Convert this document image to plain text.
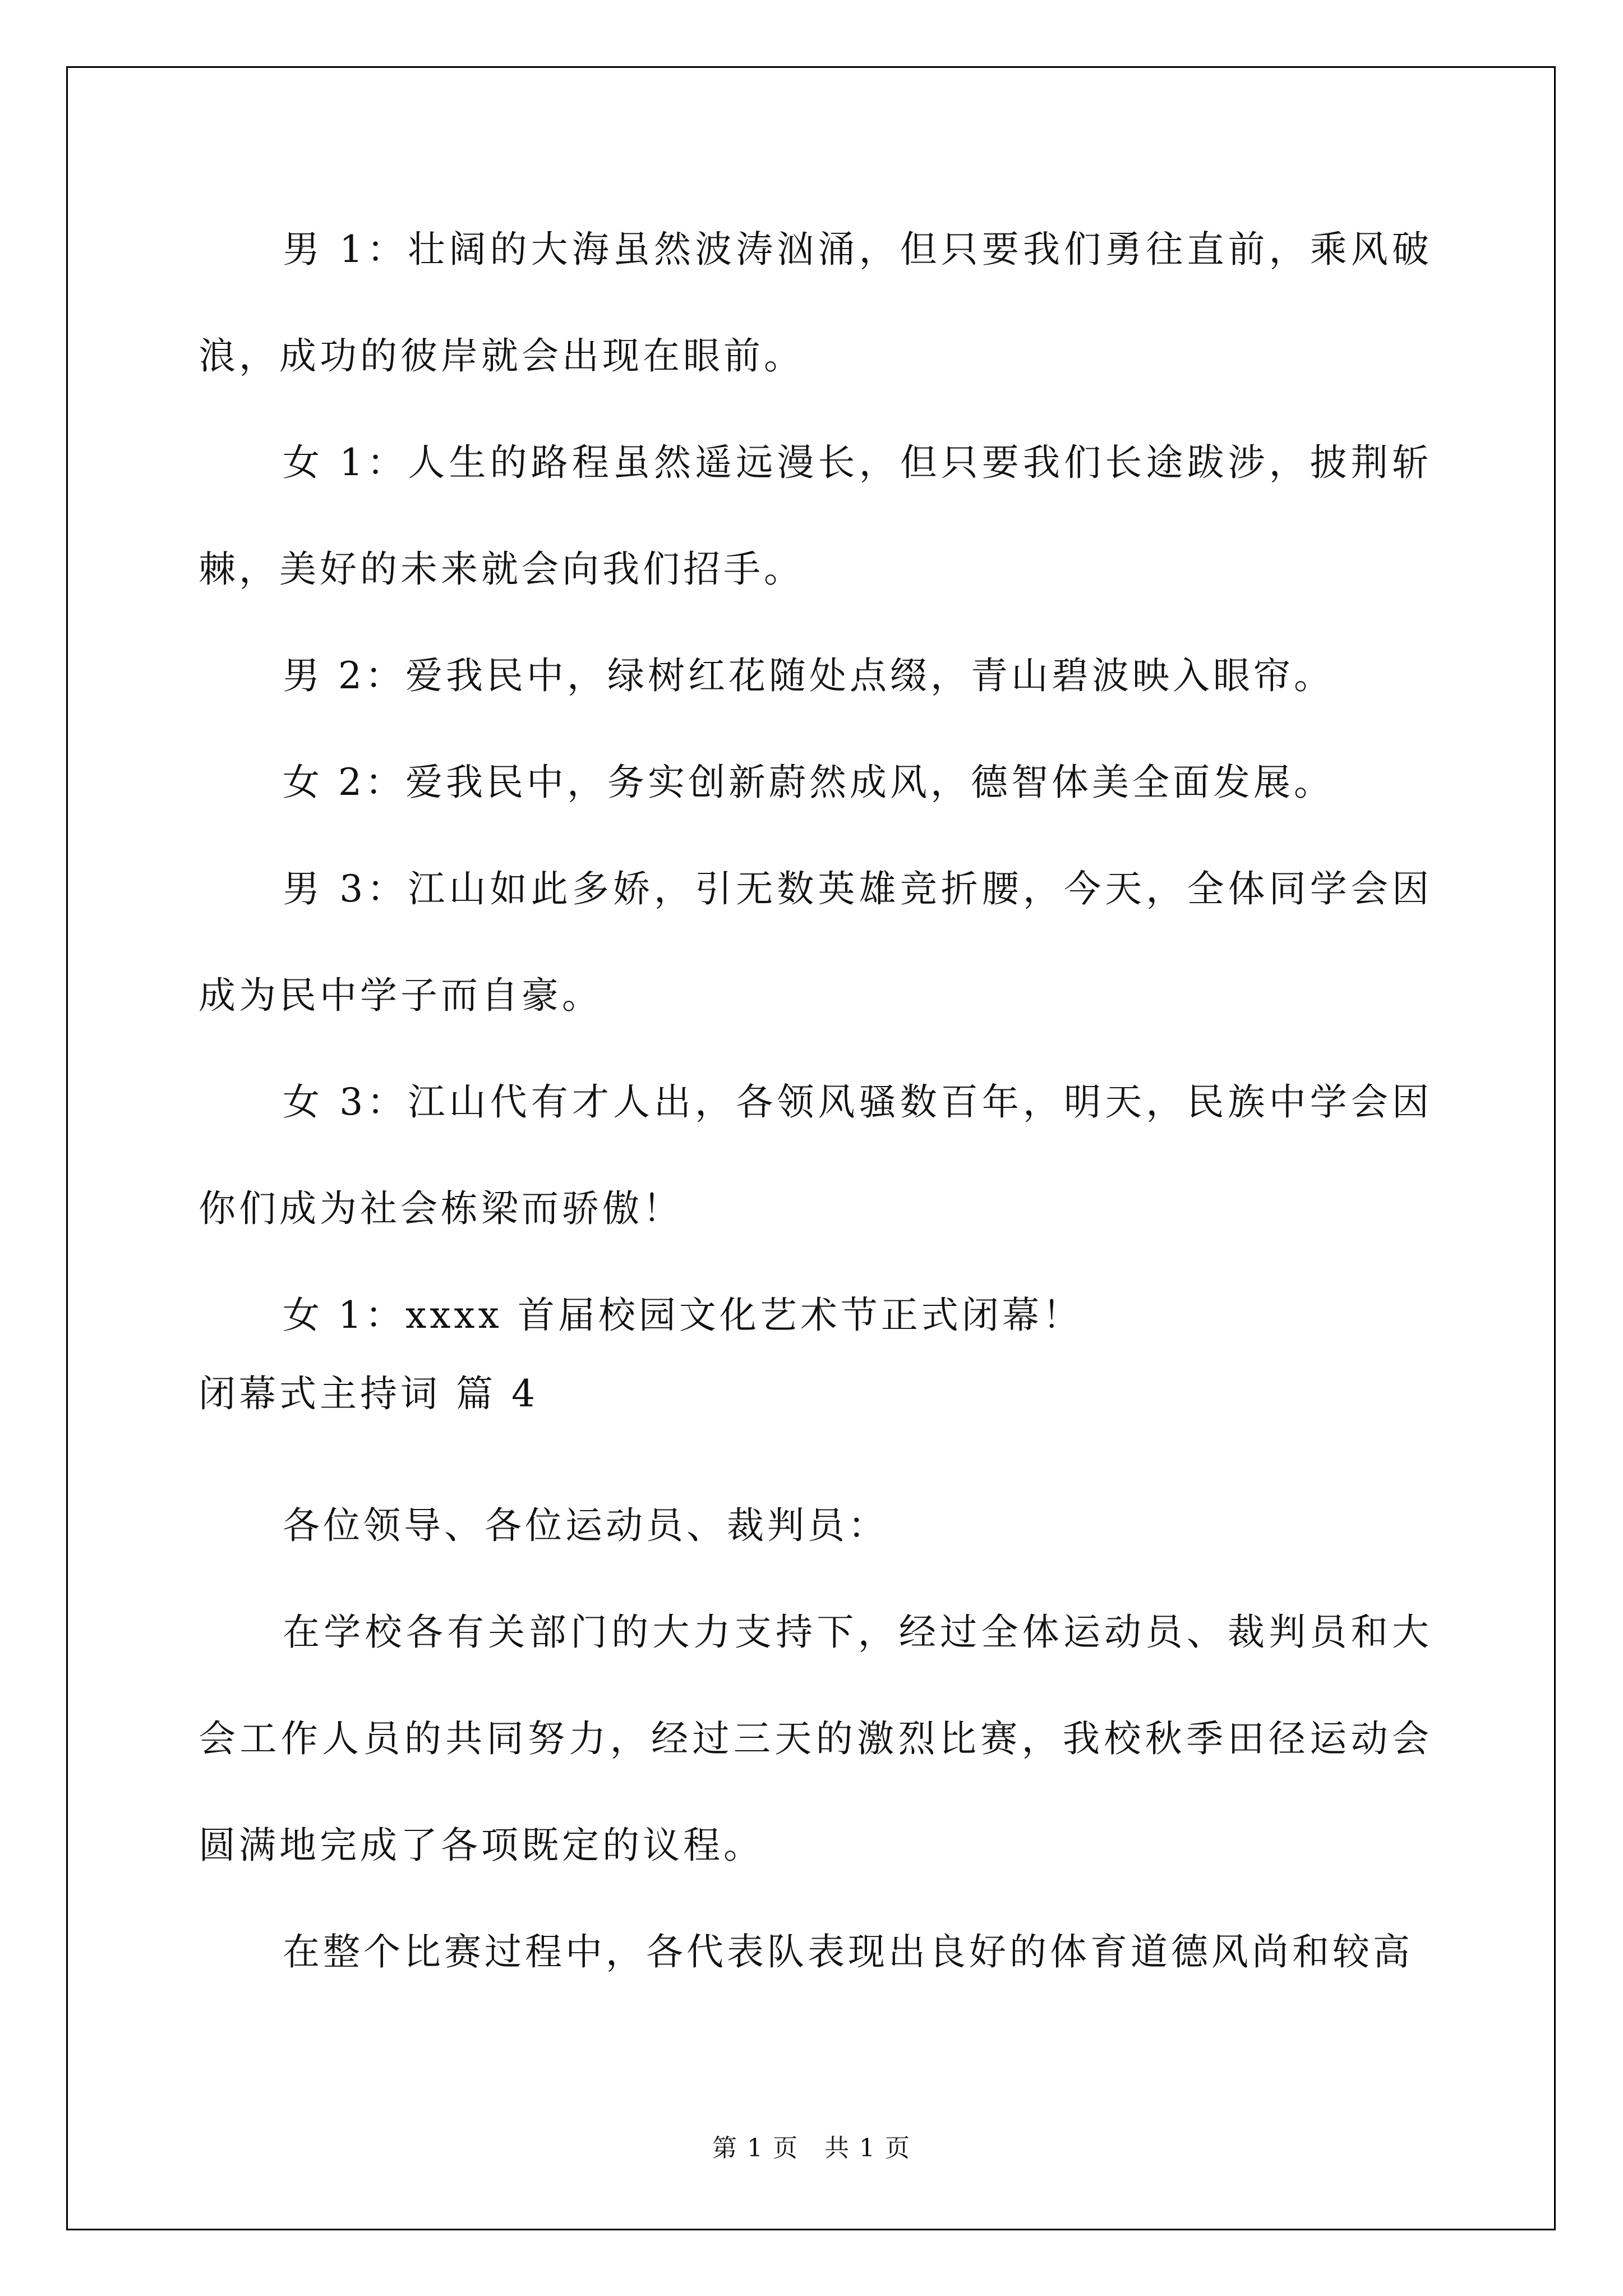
男 1：壮阔的大海虽然波涛汹涌，但只要我们勇往直前，乘风破浪，成功的彼岸就会出现在眼前。

女 1：人生的路程虽然遥远漫长，但只要我们长途跋涉，披荆斩棘，美好的未来就会向我们招手。

男 2：爱我民中，绿树红花随处点缀，青山碧波映入眼帘。

女 2：爱我民中，务实创新蔚然成风，德智体美全面发展。

男 3：江山如此多娇，引无数英雄竞折腰，今天，全体同学会因成为民中学子而自豪。

女 3：江山代有才人出，各领风骚数百年，明天，民族中学会因你们成为社会栋梁而骄傲！

女 1：xxxx 首届校园文化艺术节正式闭幕！

闭幕式主持词 篇 4

各位领导、各位运动员、裁判员：

在学校各有关部门的大力支持下，经过全体运动员、裁判员和大会工作人员的共同努力，经过三天的激烈比赛，我校秋季田径运动会圆满地完成了各项既定的议程。

在整个比赛过程中，各代表队表现出良好的体育道德风尚和较高

第 1 页　共 1 页
